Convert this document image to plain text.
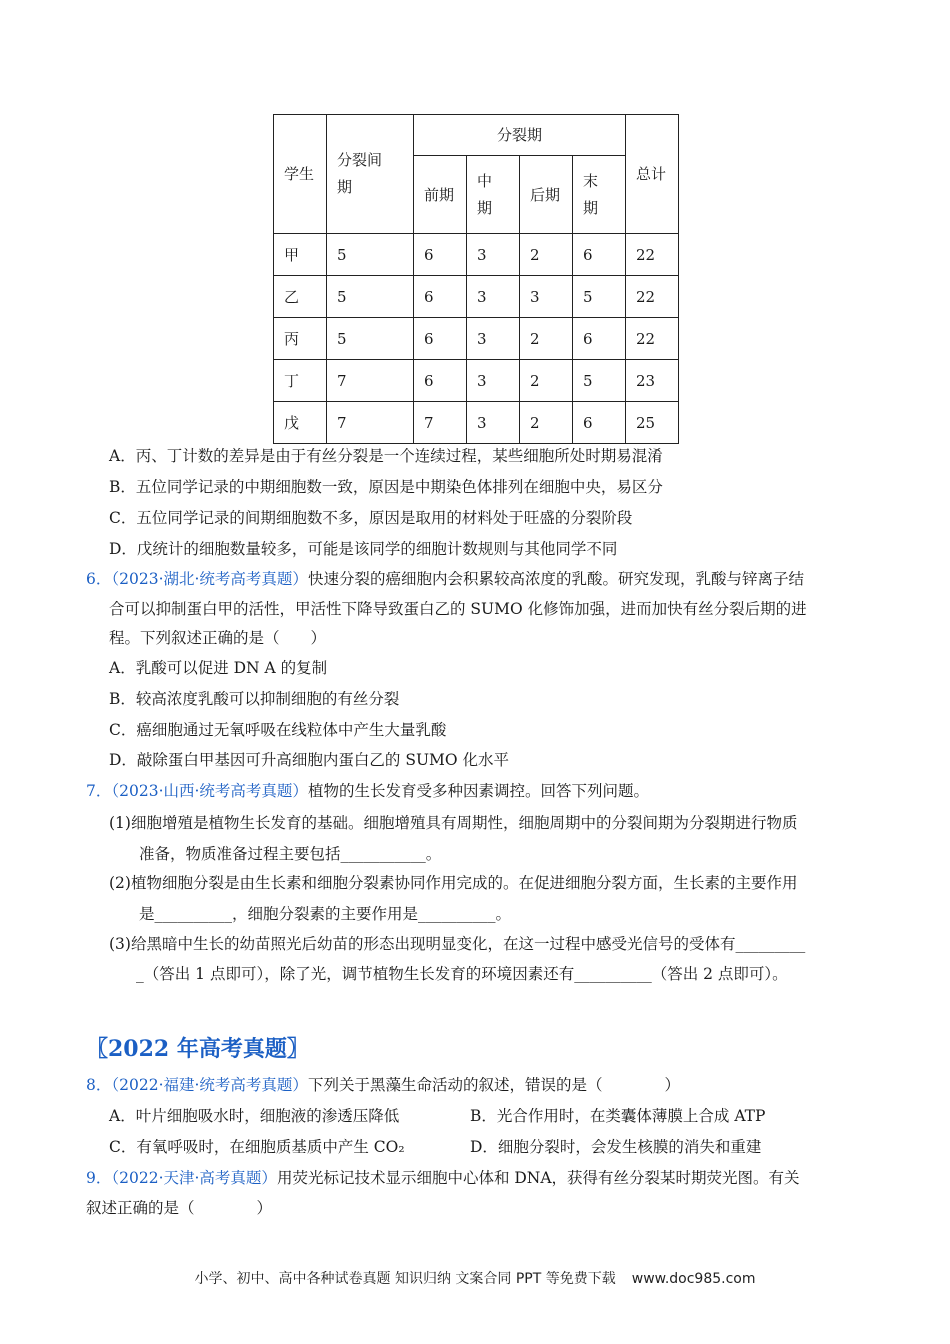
学生	分裂间期	分裂期				总计
		前期	中期	后期	末期	
甲	5	6	3	2	6	22
乙	5	6	3	3	5	22
丙	5	6	3	2	6	22
丁	7	6	3	2	5	23
戊	7	7	3	2	6	25
A．丙、丁计数的差异是由于有丝分裂是一个连续过程，某些细胞所处时期易混淆
B．五位同学记录的中期细胞数一致，原因是中期染色体排列在细胞中央，易区分
C．五位同学记录的间期细胞数不多，原因是取用的材料处于旺盛的分裂阶段
D．戊统计的细胞数量较多，可能是该同学的细胞计数规则与其他同学不同
6．（2023·湖北·统考高考真题）快速分裂的癌细胞内会积累较高浓度的乳酸。研究发现，乳酸与锌离子结
合可以抑制蛋白甲的活性，甲活性下降导致蛋白乙的 SUMO 化修饰加强，进而加快有丝分裂后期的进
程。下列叙述正确的是（　　）
A．乳酸可以促进 DN A 的复制
B．较高浓度乳酸可以抑制细胞的有丝分裂
C．癌细胞通过无氧呼吸在线粒体中产生大量乳酸
D．敲除蛋白甲基因可升高细胞内蛋白乙的 SUMO 化水平
7．（2023·山西·统考高考真题）植物的生长发育受多种因素调控。回答下列问题。
(1)细胞增殖是植物生长发育的基础。细胞增殖具有周期性，细胞周期中的分裂间期为分裂期进行物质
准备，物质准备过程主要包括___________。
(2)植物细胞分裂是由生长素和细胞分裂素协同作用完成的。在促进细胞分裂方面，生长素的主要作用
是__________，细胞分裂素的主要作用是__________。
(3)给黑暗中生长的幼苗照光后幼苗的形态出现明显变化，在这一过程中感受光信号的受体有_________
_（答出 1 点即可），除了光，调节植物生长发育的环境因素还有__________（答出 2 点即可）。
〖2022 年高考真题〗
8．（2022·福建·统考高考真题）下列关于黑藻生命活动的叙述，错误的是（　　　　）
A．叶片细胞吸水时，细胞液的渗透压降低	B．光合作用时，在类囊体薄膜上合成 ATP
C．有氧呼吸时，在细胞质基质中产生 CO₂	D．细胞分裂时，会发生核膜的消失和重建
9．（2022·天津·高考真题）用荧光标记技术显示细胞中心体和 DNA，获得有丝分裂某时期荧光图。有关
叙述正确的是（　　　　）
小学、初中、高中各种试卷真题 知识归纳 文案合同 PPT 等免费下载 www.doc985.com
